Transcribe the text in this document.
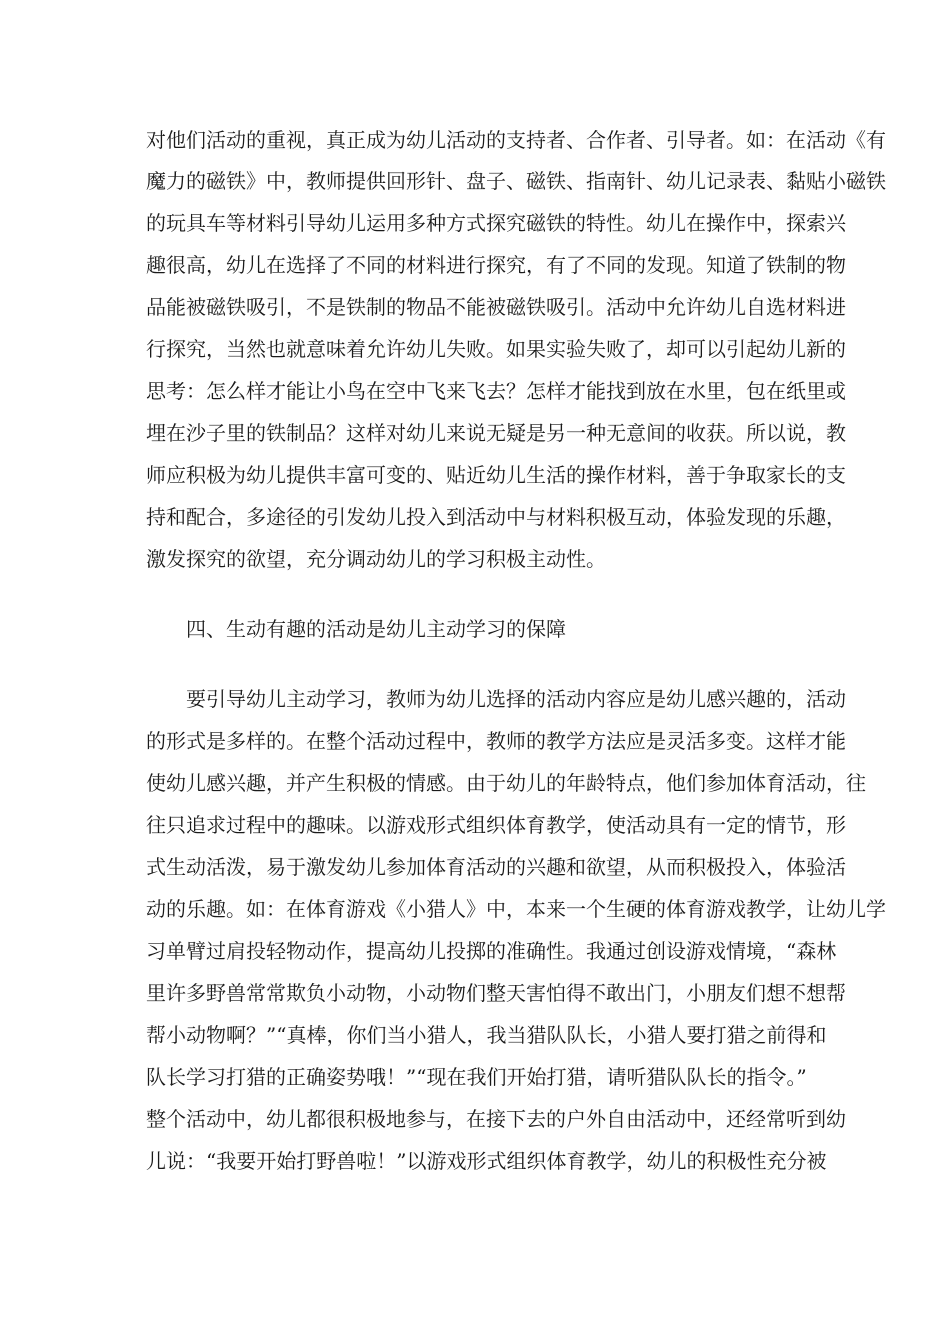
对他们活动的重视，真正成为幼儿活动的支持者、合作者、引导者。如：在活动《有
魔力的磁铁》中，教师提供回形针、盘子、磁铁、指南针、幼儿记录表、黏贴小磁铁
的玩具车等材料引导幼儿运用多种方式探究磁铁的特性。幼儿在操作中，探索兴
趣很高，幼儿在选择了不同的材料进行探究，有了不同的发现。知道了铁制的物
品能被磁铁吸引，不是铁制的物品不能被磁铁吸引。活动中允许幼儿自选材料进
行探究，当然也就意味着允许幼儿失败。如果实验失败了，却可以引起幼儿新的
思考：怎么样才能让小鸟在空中飞来飞去？怎样才能找到放在水里，包在纸里或
埋在沙子里的铁制品？这样对幼儿来说无疑是另一种无意间的收获。所以说，教
师应积极为幼儿提供丰富可变的、贴近幼儿生活的操作材料，善于争取家长的支
持和配合，多途径的引发幼儿投入到活动中与材料积极互动，体验发现的乐趣，
激发探究的欲望，充分调动幼儿的学习积极主动性。
四、生动有趣的活动是幼儿主动学习的保障
要引导幼儿主动学习，教师为幼儿选择的活动内容应是幼儿感兴趣的，活动
的形式是多样的。在整个活动过程中，教师的教学方法应是灵活多变。这样才能
使幼儿感兴趣，并产生积极的情感。由于幼儿的年龄特点，他们参加体育活动，往
往只追求过程中的趣味。以游戏形式组织体育教学，使活动具有一定的情节，形
式生动活泼，易于激发幼儿参加体育活动的兴趣和欲望，从而积极投入，体验活
动的乐趣。如：在体育游戏《小猎人》中，本来一个生硬的体育游戏教学，让幼儿学
习单臂过肩投轻物动作，提高幼儿投掷的准确性。我通过创设游戏情境，“森林
里许多野兽常常欺负小动物，小动物们整天害怕得不敢出门，小朋友们想不想帮
帮小动物啊？”“真棒，你们当小猎人，我当猎队队长，小猎人要打猎之前得和
队长学习打猎的正确姿势哦！”“现在我们开始打猎，请听猎队队长的指令。”
整个活动中，幼儿都很积极地参与，在接下去的户外自由活动中，还经常听到幼
儿说：“我要开始打野兽啦！”以游戏形式组织体育教学，幼儿的积极性充分被
